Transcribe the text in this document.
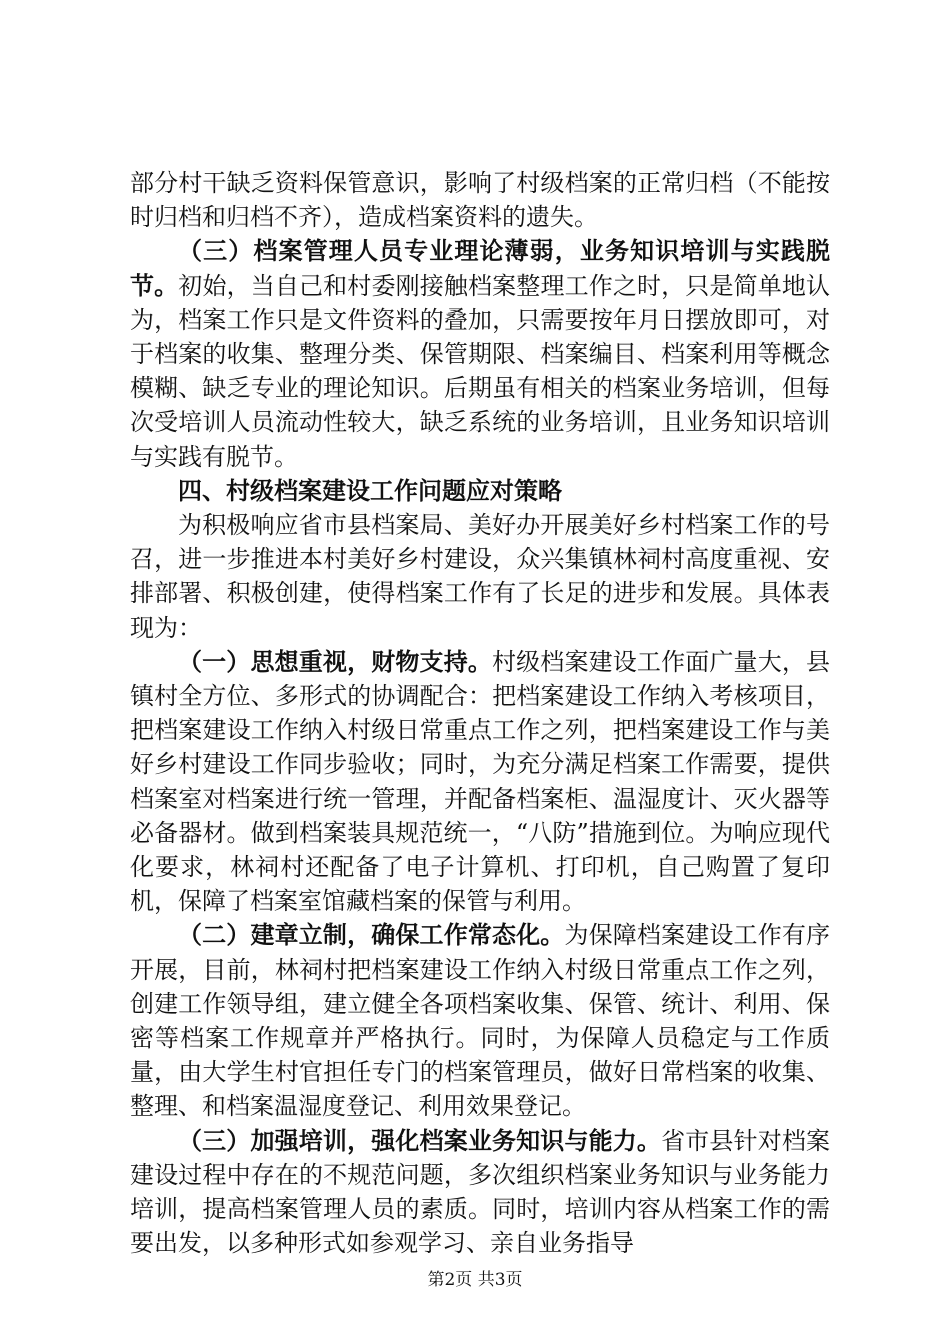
部分村干缺乏资料保管意识，影响了村级档案的正常归档（不能按时归档和归档不齐），造成档案资料的遗失。

（三）档案管理人员专业理论薄弱，业务知识培训与实践脱节。初始，当自己和村委刚接触档案整理工作之时，只是简单地认为，档案工作只是文件资料的叠加，只需要按年月日摆放即可，对于档案的收集、整理分类、保管期限、档案编目、档案利用等概念模糊、缺乏专业的理论知识。后期虽有相关的档案业务培训，但每次受培训人员流动性较大，缺乏系统的业务培训，且业务知识培训与实践有脱节。

四、村级档案建设工作问题应对策略

为积极响应省市县档案局、美好办开展美好乡村档案工作的号召，进一步推进本村美好乡村建设，众兴集镇林祠村高度重视、安排部署、积极创建，使得档案工作有了长足的进步和发展。具体表现为：

（一）思想重视，财物支持。村级档案建设工作面广量大，县镇村全方位、多形式的协调配合：把档案建设工作纳入考核项目，把档案建设工作纳入村级日常重点工作之列，把档案建设工作与美好乡村建设工作同步验收；同时，为充分满足档案工作需要，提供档案室对档案进行统一管理，并配备档案柜、温湿度计、灭火器等必备器材。做到档案装具规范统一，“八防”措施到位。为响应现代化要求，林祠村还配备了电子计算机、打印机，自己购置了复印机，保障了档案室馆藏档案的保管与利用。

（二）建章立制，确保工作常态化。为保障档案建设工作有序开展，目前，林祠村把档案建设工作纳入村级日常重点工作之列，创建工作领导组，建立健全各项档案收集、保管、统计、利用、保密等档案工作规章并严格执行。同时，为保障人员稳定与工作质量，由大学生村官担任专门的档案管理员，做好日常档案的收集、整理、和档案温湿度登记、利用效果登记。

（三）加强培训，强化档案业务知识与能力。省市县针对档案建设过程中存在的不规范问题，多次组织档案业务知识与业务能力培训，提高档案管理人员的素质。同时，培训内容从档案工作的需要出发，以多种形式如参观学习、亲自业务指导

第2页 共3页
